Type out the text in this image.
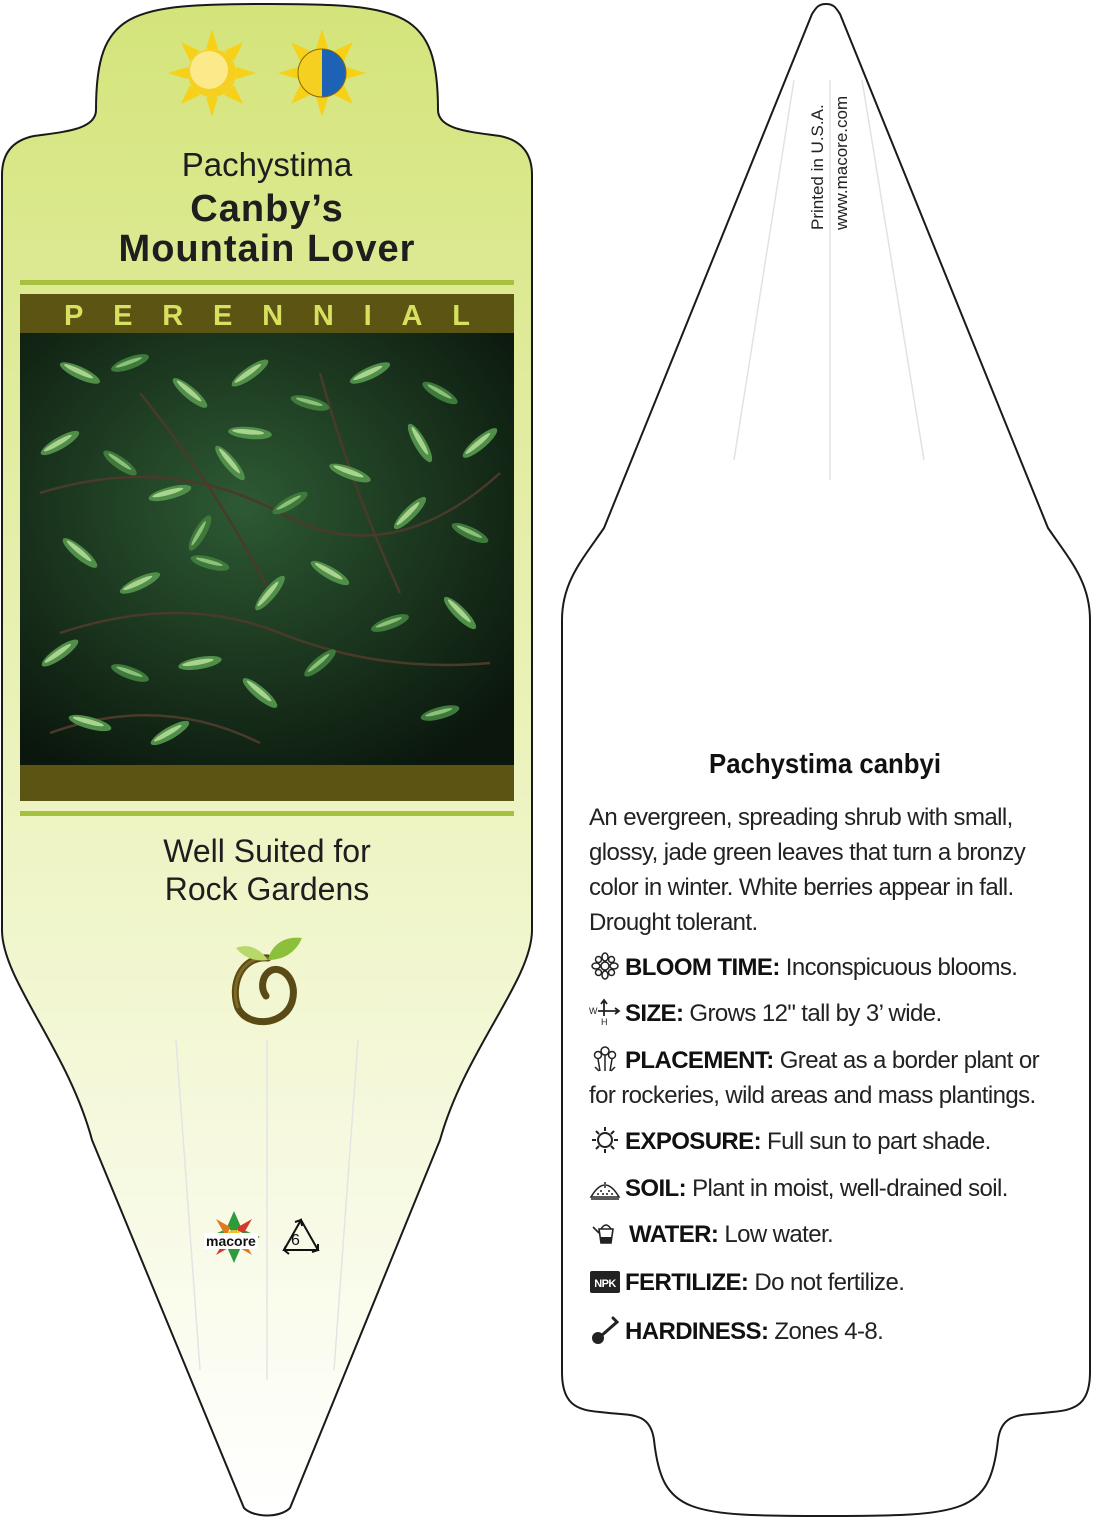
Pachystima
Canby’s
Mountain Lover
P E R E N N I A L
Well Suited for
Rock Gardens
macore 6
Printed in U.S.A. www.macore.com
Pachystima canbyi
An evergreen, spreading shrub with small, glossy, jade green leaves that turn a bronzy color in winter. White berries appear in fall. Drought tolerant.
BLOOM TIME: Inconspicuous blooms.
W
H SIZE: Grows 12" tall by 3’ wide.
PLACEMENT: Great as a border plant or for rockeries, wild areas and mass plantings.
EXPOSURE: Full sun to part shade.
SOIL: Plant in moist, well-drained soil.
WATER: Low water.
NPK FERTILIZE: Do not fertilize.
HARDINESS: Zones 4-8.
